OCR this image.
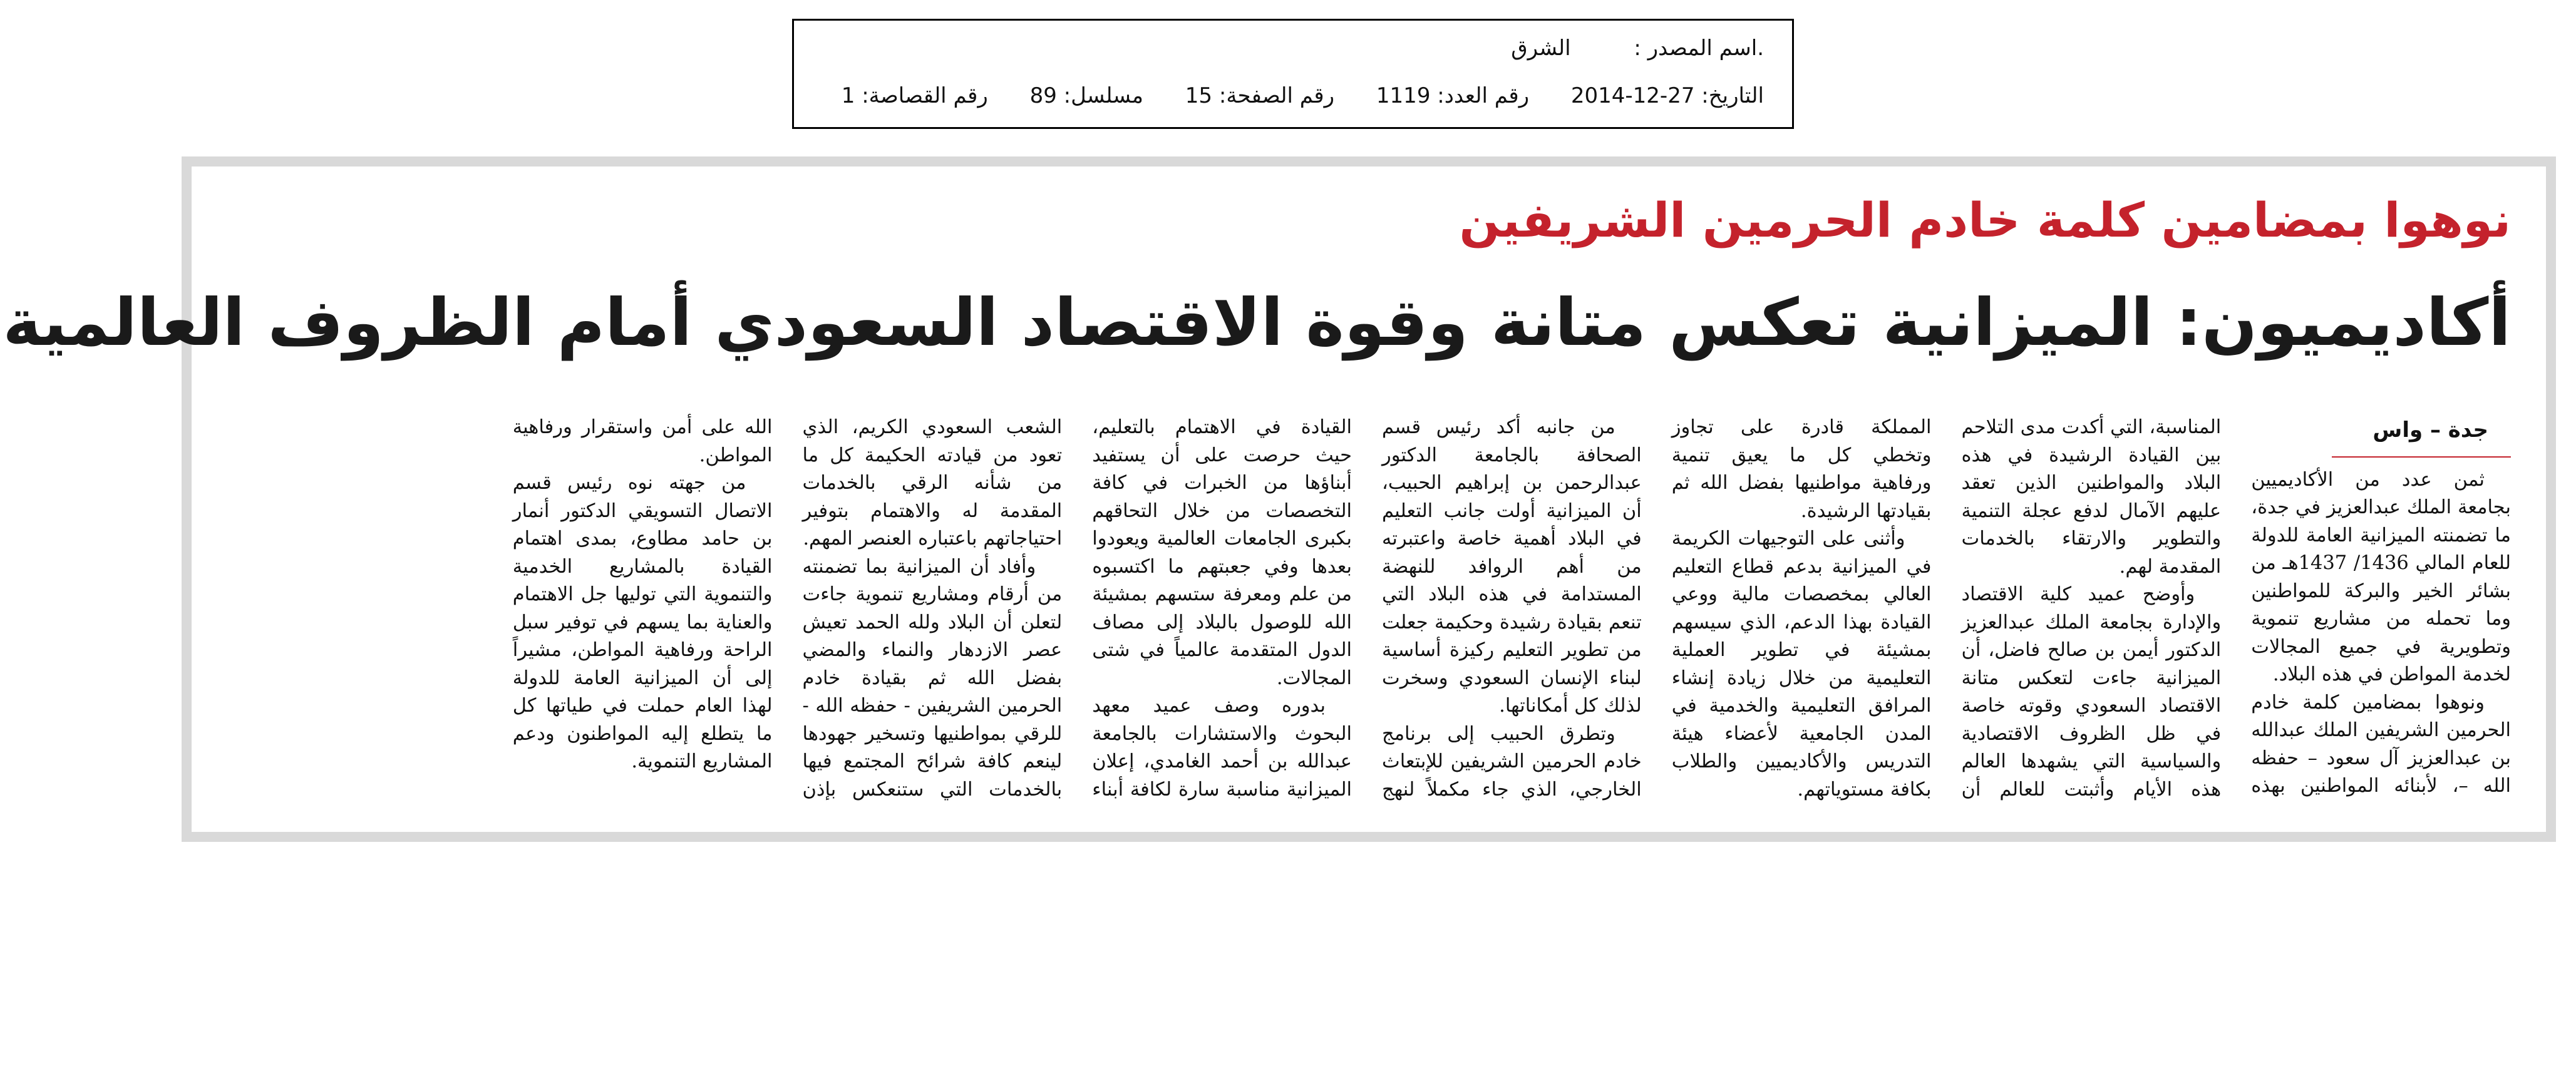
.اسم المصدر : الشرق
التاريخ: 27-12-2014 رقم العدد: 1119 رقم الصفحة: 15 مسلسل: 89 رقم القصاصة: 1
نوهوا بمضامين كلمة خادم الحرمين الشريفين
أكاديميون: الميزانية تعكس متانة وقوة الاقتصاد السعودي أمام الظروف العالمية
جدة – واس

ثمن عدد من الأكاديميين بجامعة الملك عبدالعزيز في جدة، ما تضمنته الميزانية العامة للدولة للعام المالي 1436/ 1437هـ من بشائر الخير والبركة للمواطنين وما تحمله من مشاريع تنموية وتطويرية في جميع المجالات لخدمة المواطن في هذه البلاد.

ونوهوا بمضامين كلمة خادم الحرمين الشريفين الملك عبدالله بن عبدالعزيز آل سعود – حفظه الله –، لأبنائه المواطنين بهذه المناسبة، التي أكدت مدى التلاحم بين القيادة الرشيدة في هذه البلاد والمواطنين الذين تعقد عليهم الآمال لدفع عجلة التنمية والتطوير والارتقاء بالخدمات المقدمة لهم.

وأوضح عميد كلية الاقتصاد والإدارة بجامعة الملك عبدالعزيز الدكتور أيمن بن صالح فاضل، أن الميزانية جاءت لتعكس متانة الاقتصاد السعودي وقوته خاصة في ظل الظروف الاقتصادية والسياسية التي يشهدها العالم هذه الأيام وأثبتت للعالم أن المملكة قادرة على تجاوز وتخطي كل ما يعيق تنمية ورفاهية مواطنيها بفضل الله ثم بقيادتها الرشيدة.

وأثنى على التوجيهات الكريمة في الميزانية بدعم قطاع التعليم العالي بمخصصات مالية ووعي القيادة بهذا الدعم، الذي سيسهم بمشيئة في تطوير العملية التعليمية من خلال زيادة إنشاء المرافق التعليمية والخدمية في المدن الجامعية لأعضاء هيئة التدريس والأكاديميين والطلاب بكافة مستوياتهم.

من جانبه أكد رئيس قسم الصحافة بالجامعة الدكتور عبدالرحمن بن إبراهيم الحبيب، أن الميزانية أولت جانب التعليم في البلاد أهمية خاصة واعتبرته من أهم الروافد للنهضة المستدامة في هذه البلاد التي تنعم بقيادة رشيدة وحكيمة جعلت من تطوير التعليم ركيزة أساسية لبناء الإنسان السعودي وسخرت لذلك كل أمكاناتها.

وتطرق الحبيب إلى برنامج خادم الحرمين الشريفين للإبتعاث الخارجي، الذي جاء مكملاً لنهج القيادة في الاهتمام بالتعليم، حيث حرصت على أن يستفيد أبناؤها من الخبرات في كافة التخصصات من خلال التحاقهم بكبرى الجامعات العالمية ويعودوا بعدها وفي جعبتهم ما اكتسبوه من علم ومعرفة ستسهم بمشيئة الله للوصول بالبلاد إلى مصاف الدول المتقدمة عالمياً في شتى المجالات.

بدوره وصف عميد معهد البحوث والاستشارات بالجامعة عبدالله بن أحمد الغامدي، إعلان الميزانية مناسبة سارة لكافة أبناء الشعب السعودي الكريم، الذي تعود من قيادته الحكيمة كل ما من شأنه الرقي بالخدمات المقدمة له والاهتمام بتوفير احتياجاتهم باعتباره العنصر المهم.

وأفاد أن الميزانية بما تضمنته من أرقام ومشاريع تنموية جاءت لتعلن أن البلاد ولله الحمد تعيش عصر الازدهار والنماء والمضي بفضل الله ثم بقيادة خادم الحرمين الشريفين - حفظه الله - للرقي بمواطنيها وتسخير جهودها لينعم كافة شرائح المجتمع فيها بالخدمات التي ستنعكس بإذن الله على أمن واستقرار ورفاهية المواطن.

من جهته نوه رئيس قسم الاتصال التسويقي الدكتور أنمار بن حامد مطاوع، بمدى اهتمام القيادة بالمشاريع الخدمية والتنموية التي توليها جل الاهتمام والعناية بما يسهم في توفير سبل الراحة ورفاهية المواطن، مشيراً إلى أن الميزانية العامة للدولة لهذا العام حملت في طياتها كل ما يتطلع إليه المواطنون ودعم المشاريع التنموية.
